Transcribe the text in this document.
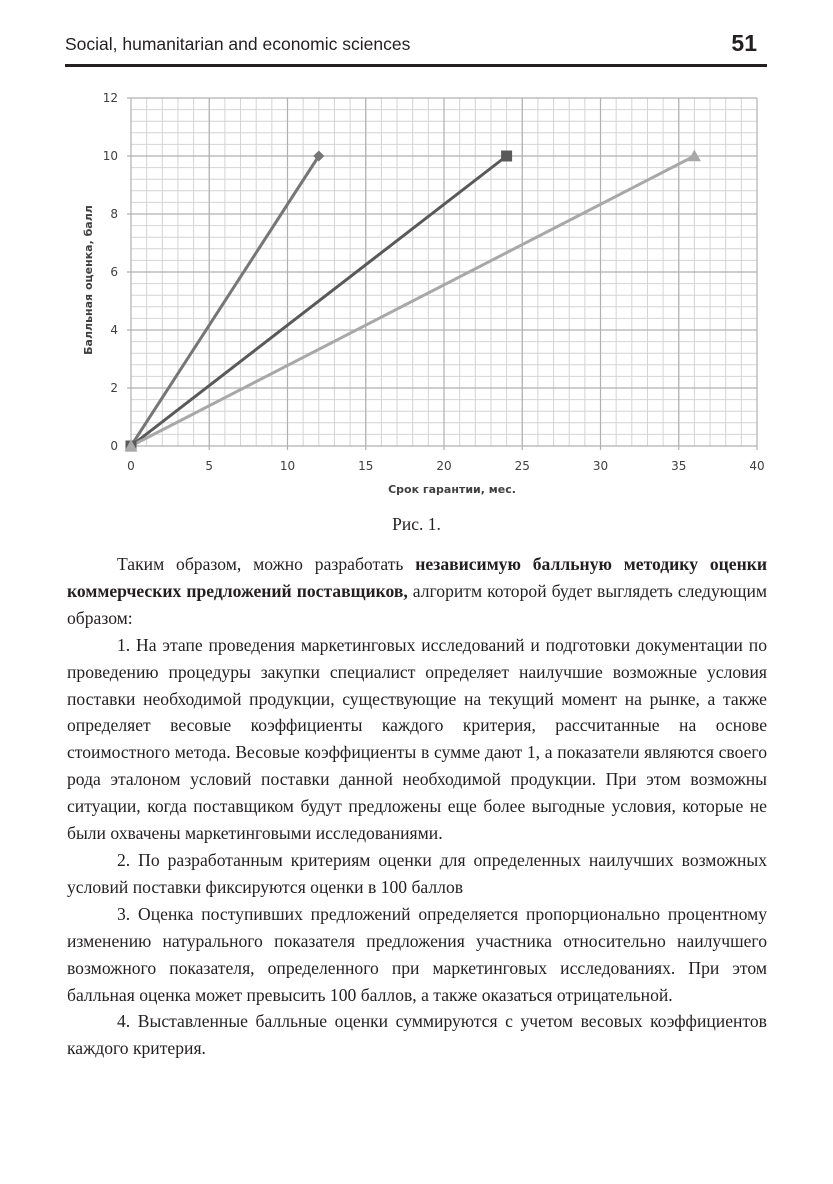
Social, humanitarian and economic sciences	51
0	5	10	15	20	25	30	35	40
0
2
4
6
8
10
12
Срок гарантии, мес.
Балльная оценка, балл
Рис. 1.

Таким образом, можно разработать независимую балльную методику оценки коммерческих предложений поставщиков, алгоритм которой будет выглядеть следующим образом:

1. На этапе проведения маркетинговых исследований и подготовки документации по проведению процедуры закупки специалист определяет наилучшие возможные условия поставки необходимой продукции, существующие на текущий момент на рынке, а также определяет весовые коэффициенты каждого критерия, рассчитанные на основе стоимостного метода. Весовые коэффициенты в сумме дают 1, а показатели являются своего рода эталоном условий поставки данной необходимой продукции. При этом возможны ситуации, когда поставщиком будут предложены еще более выгодные условия, которые не были охвачены маркетинговыми исследованиями.

2. По разработанным критериям оценки для определенных наилучших возможных условий поставки фиксируются оценки в 100 баллов

3. Оценка поступивших предложений определяется пропорционально процентному изменению натурального показателя предложения участника относительно наилучшего возможного показателя, определенного при маркетинговых исследованиях. При этом балльная оценка может превысить 100 баллов, а также оказаться отрицательной.

4. Выставленные балльные оценки суммируются с учетом весовых коэффициентов каждого критерия.
